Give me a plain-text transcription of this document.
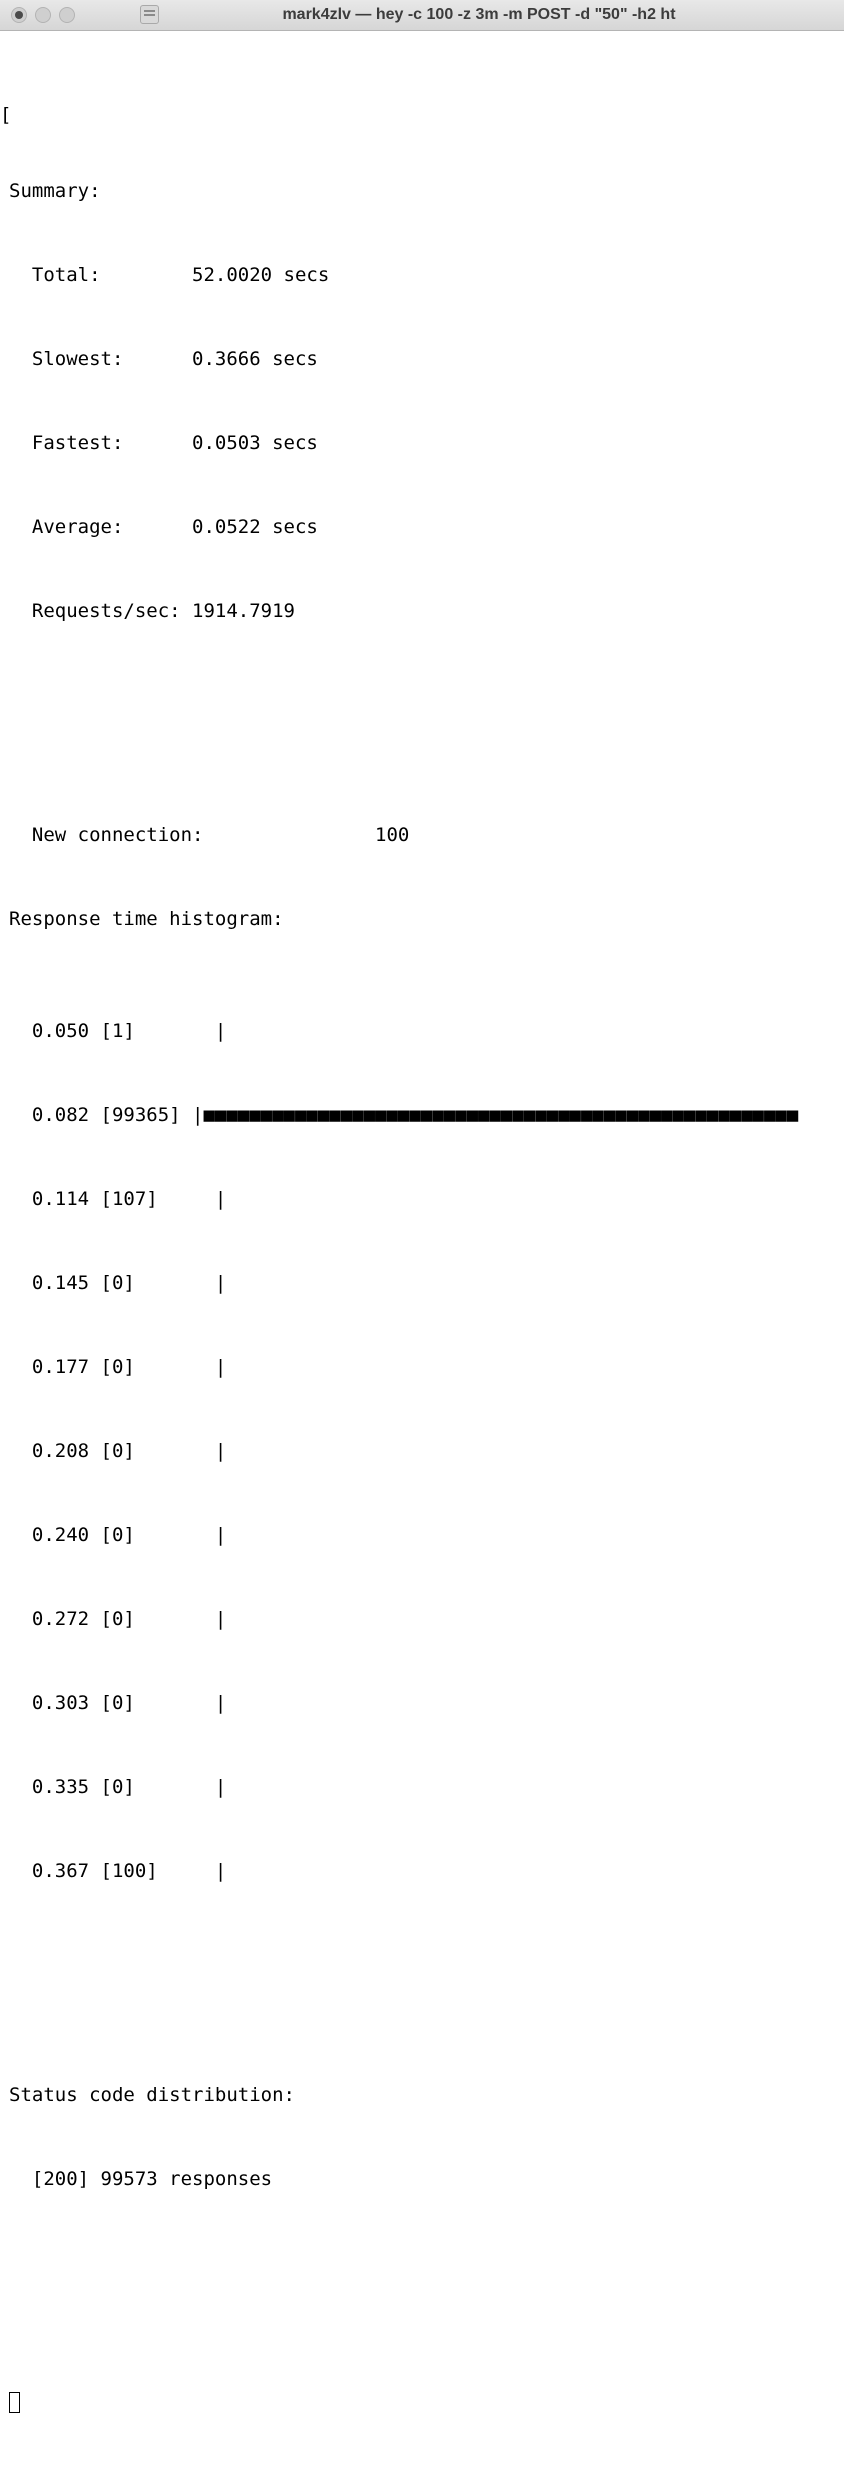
mark4zlv — hey -c 100 -z 3m -m POST -d "50" -h2 ht

[

Summary:

Total:	52.0020 secs

Slowest:	0.3666 secs

Fastest:	0.0503 secs

Average:	0.0522 secs

Requests/sec:	1914.7919

New connection:		100

Response time histogram:

0.050 [1]	|

0.082 [99365] |■■■■■■■■■■■■■■■■■■■■■■■■■■■■■■■■■■■■■■■■■■■■■■■■■■■■

0.114 [107]	|

0.145 [0]	|

0.177 [0]	|

0.208 [0]	|

0.240 [0]	|

0.272 [0]	|

0.303 [0]	|

0.335 [0]	|

0.367 [100]	|

Status code distribution:

[200] 99573 responses
